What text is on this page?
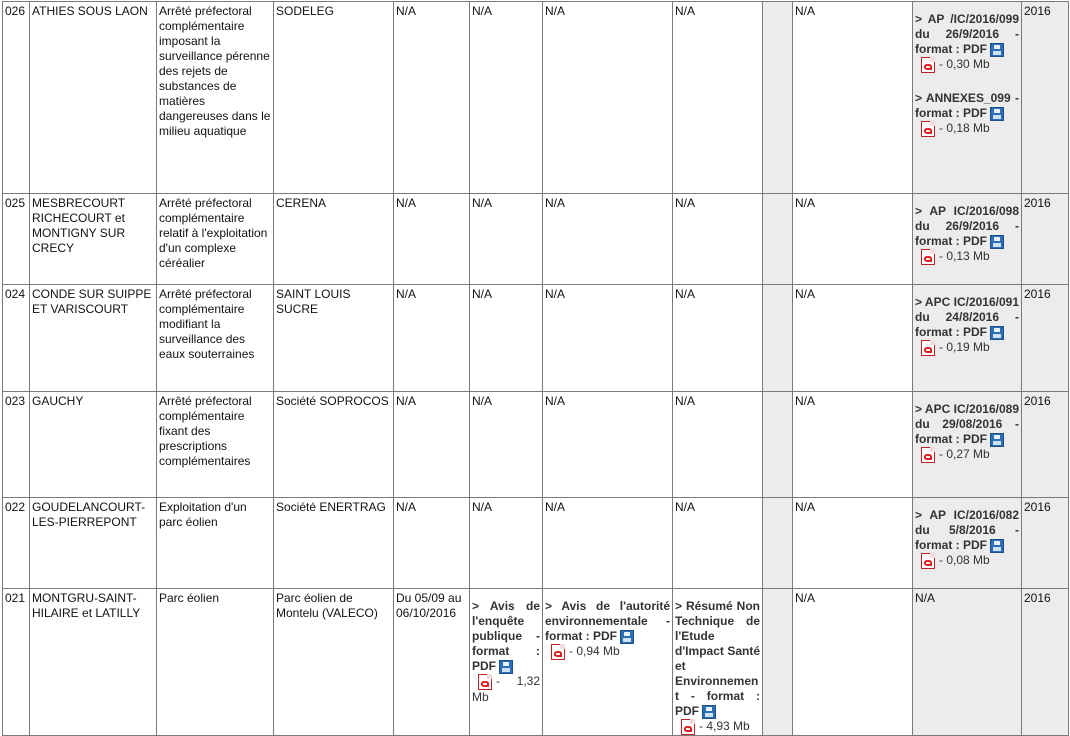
026	ATHIES SOUS LAON	Arrêté préfectoral complémentaire imposant la surveillance pérenne des rejets de substances de matières dangereuses dans le milieu aquatique	SODELEG	N/A	N/A	N/A	N/A		N/A	> AP /IC/2016/099 du 26/9/2016 - format : PDF
- 0,30 Mb
> ANNEXES_099 - format : PDF
- 0,18 Mb	2016
025	MESBRECOURT RICHECOURT et MONTIGNY SUR CRECY	Arrêté préfectoral complémentaire relatif à l'exploitation d'un complexe céréalier	CERENA	N/A	N/A	N/A	N/A		N/A	> AP IC/2016/098 du 26/9/2016 - format : PDF
- 0,13 Mb	2016
024	CONDE SUR SUIPPE ET VARISCOURT	Arrêté préfectoral complémentaire modifiant la surveillance des eaux souterraines	SAINT LOUIS SUCRE	N/A	N/A	N/A	N/A		N/A	> APC IC/2016/091 du 24/8/2016 - format : PDF
- 0,19 Mb	2016
023	GAUCHY	Arrêté préfectoral complémentaire fixant des prescriptions complémentaires	Société SOPROCOS	N/A	N/A	N/A	N/A		N/A	> APC IC/2016/089 du 29/08/2016 - format : PDF
- 0,27 Mb	2016
022	GOUDELANCOURT-LES-PIERREPONT	Exploitation d'un parc éolien	Société ENERTRAG	N/A	N/A	N/A	N/A		N/A	> AP IC/2016/082 du 5/8/2016 - format : PDF
- 0,08 Mb	2016
021	MONTGRU-SAINT-HILAIRE et LATILLY	Parc éolien	Parc éolien de Montelu (VALECO)	Du 05/09 au 06/10/2016	> Avis de l'enquête publique - format : PDF
- 1,32 Mb	> Avis de l'autorité environnementale - format : PDF
- 0,94 Mb	> Résumé Non Technique de l'Etude d'Impact Santé et Environnement - format : PDF
- 4,93 Mb		N/A	N/A	2016
